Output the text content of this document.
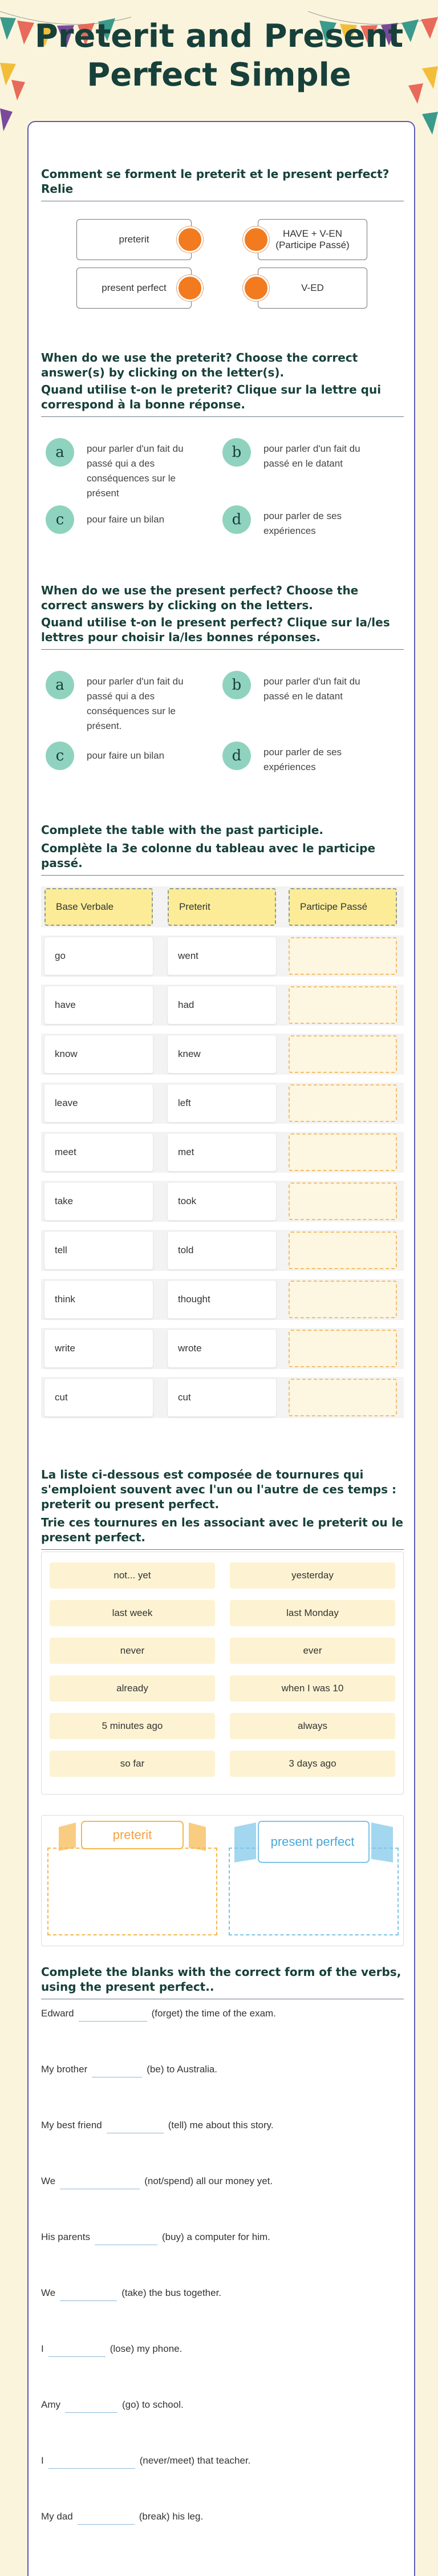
Preterit and Present Perfect Simple
Comment se forment le preterit et le present perfect? Relie
preterit
present perfect
HAVE + V-EN (Participe Passé)
V-ED
When do we use the preterit? Choose the correct answer(s) by clicking on the letter(s).
Quand utilise t-on le preterit? Clique sur la lettre qui correspond à la bonne réponse.
a	pour parler d'un fait du passé qui a des conséquences sur le présent
b	pour parler d'un fait du passé en le datant
c	pour faire un bilan	d	pour parler de ses expériences
When do we use the present perfect? Choose the correct answers by clicking on the letters.
Quand utilise t-on le present perfect? Clique sur la/les lettres pour choisir la/les bonnes réponses.
a	pour parler d'un fait du passé qui a des conséquences sur le présent.
b	pour parler d'un fait du passé en le datant
c	pour faire un bilan	d	pour parler de ses expériences
Complete the table with the past participle.
Complète la 3e colonne du tableau avec le participe passé.
Base Verbale	Preterit	Participe Passé
go	went
have	had
know	knew
leave	left
meet	met
take	took
tell	told
think	thought
write	wrote
cut	cut
La liste ci-dessous est composée de tournures qui s'emploient souvent avec l'un ou l'autre de ces temps : preterit ou present perfect.
Trie ces tournures en les associant avec le preterit ou le present perfect.
not... yet	yesterday
last week	last Monday
never	ever
already	when I was 10
5 minutes ago	always
so far	3 days ago
preterit	present perfect
Complete the blanks with the correct form of the verbs, using the present perfect..
Edward	(forget) the time of the exam.
My brother	(be) to Australia.
My best friend	(tell) me about this story.
We	(not/spend) all our money yet.
His parents	(buy) a computer for him.
We	(take) the bus together.
I	(lose) my phone.
Amy	(go) to school.
I	(never/meet) that teacher.
My dad	(break) his leg.
